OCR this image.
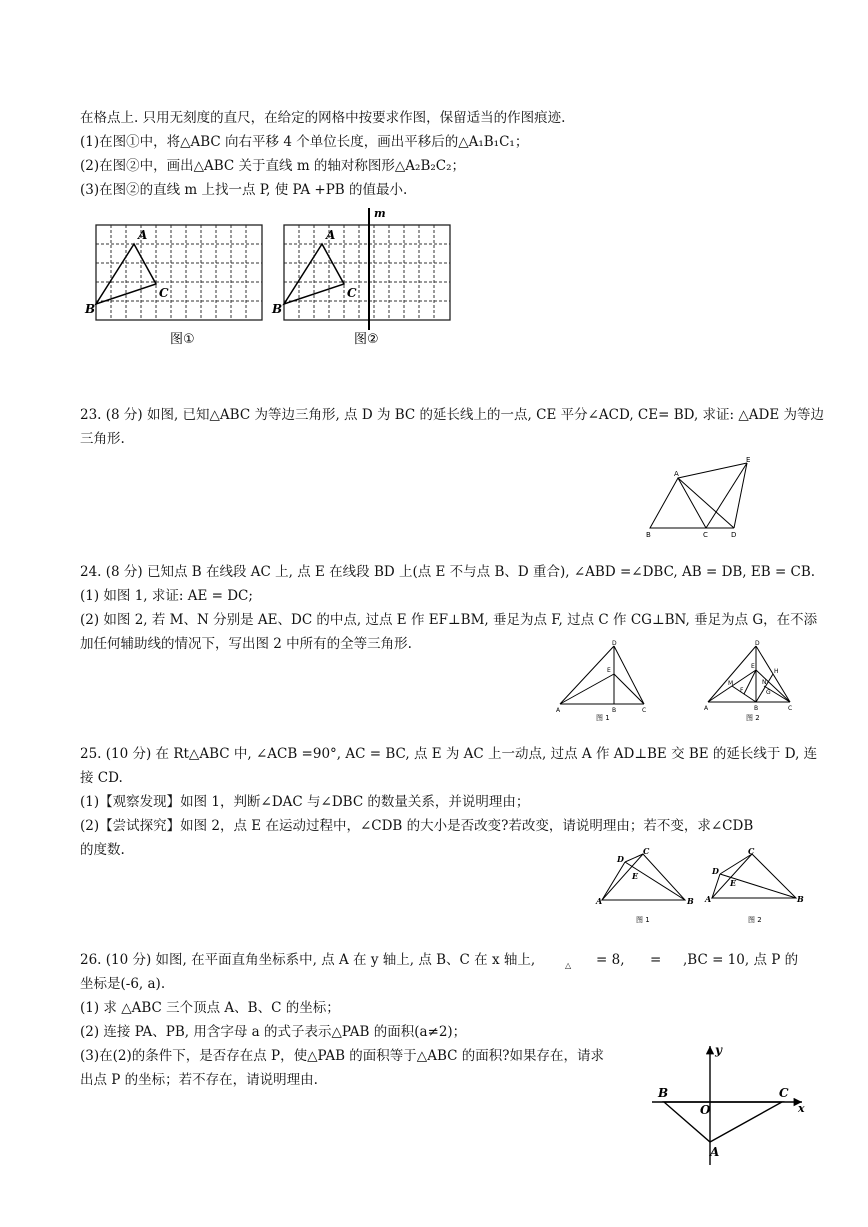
在格点上. 只用无刻度的直尺，在给定的网格中按要求作图，保留适当的作图痕迹.
(1)在图①中，将△ABC 向右平移 4 个单位长度，画出平移后的△A₁B₁C₁；
(2)在图②中，画出△ABC 关于直线 m 的轴对称图形△A₂B₂C₂；
(3)在图②的直线 m 上找一点 P, 使 PA +PB 的值最小.
A
B
C
图①
m
A
B
C
图②
23. (8 分) 如图, 已知△ABC 为等边三角形, 点 D 为 BC 的延长线上的一点, CE 平分∠ACD, CE= BD, 求证: △ADE 为等边
三角形.
A
B	C	D
E
24. (8 分) 已知点 B 在线段 AC 上, 点 E 在线段 BD 上(点 E 不与点 B、D 重合), ∠ABD =∠DBC, AB = DB, EB = CB.
(1) 如图 1, 求证: AE = DC;
(2) 如图 2, 若 M、N 分别是 AE、DC 的中点, 过点 E 作 EF⊥BM, 垂足为点 F, 过点 C 作 CG⊥BN, 垂足为点 G，在不添
加任何辅助线的情况下，写出图 2 中所有的全等三角形.	D
E
A	B	C
图 1
D
E
H
M	N
F	G
A	B	C
图 2
25. (10 分) 在 Rt△ABC 中, ∠ACB =90°, AC = BC, 点 E 为 AC 上一动点, 过点 A 作 AD⊥BE 交 BE 的延长线于 D, 连
接 CD.
(1)【观察发现】如图 1，判断∠DAC 与∠DBC 的数量关系，并说明理由；
(2)【尝试探究】如图 2，点 E 在运动过程中，∠CDB 的大小是否改变?若改变，请说明理由；若不变，求∠CDB
的度数.	C
D
E
A	B
图 1
C
D
E
A	B
图 2
26. (10 分) 如图, 在平面直角坐标系中, 点 A 在 y 轴上, 点 B、C 在 x 轴上,	△ = 8, = ,BC = 10, 点 P 的
坐标是(-6, a).
(1) 求 △ABC 三个顶点 A、B、C 的坐标；
(2) 连接 PA、PB, 用含字母 a 的式子表示△PAB 的面积(a≠2)；
(3)在(2)的条件下，是否存在点 P，使△PAB 的面积等于△ABC 的面积?如果存在，请求
出点 P 的坐标；若不存在，请说明理由.
y
x
B	C
O
A
